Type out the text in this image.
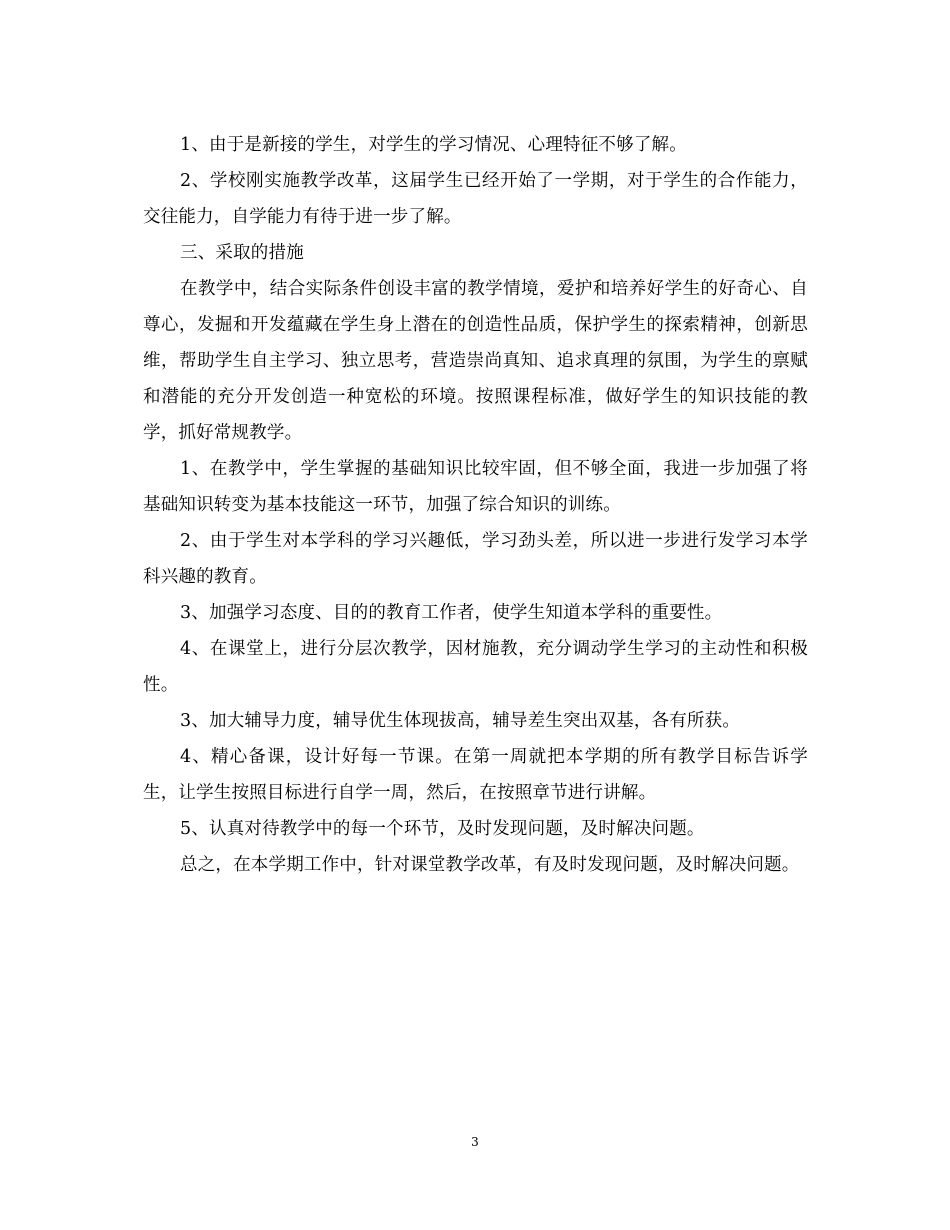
1、由于是新接的学生，对学生的学习情况、心理特征不够了解。

2、学校刚实施教学改革，这届学生已经开始了一学期，对于学生的合作能力，交往能力，自学能力有待于进一步了解。

三、采取的措施

在教学中，结合实际条件创设丰富的教学情境，爱护和培养好学生的好奇心、自尊心，发掘和开发蕴藏在学生身上潜在的创造性品质，保护学生的探索精神，创新思维，帮助学生自主学习、独立思考，营造崇尚真知、追求真理的氛围，为学生的禀赋和潜能的充分开发创造一种宽松的环境。按照课程标准，做好学生的知识技能的教学，抓好常规教学。

1、在教学中，学生掌握的基础知识比较牢固，但不够全面，我进一步加强了将基础知识转变为基本技能这一环节，加强了综合知识的训练。

2、由于学生对本学科的学习兴趣低，学习劲头差，所以进一步进行发学习本学科兴趣的教育。

3、加强学习态度、目的的教育工作者，使学生知道本学科的重要性。

4、在课堂上，进行分层次教学，因材施教，充分调动学生学习的主动性和积极性。

3、加大辅导力度，辅导优生体现拔高，辅导差生突出双基，各有所获。

4、精心备课，设计好每一节课。在第一周就把本学期的所有教学目标告诉学生，让学生按照目标进行自学一周，然后，在按照章节进行讲解。

5、认真对待教学中的每一个环节，及时发现问题，及时解决问题。

总之，在本学期工作中，针对课堂教学改革，有及时发现问题，及时解决问题。

3
